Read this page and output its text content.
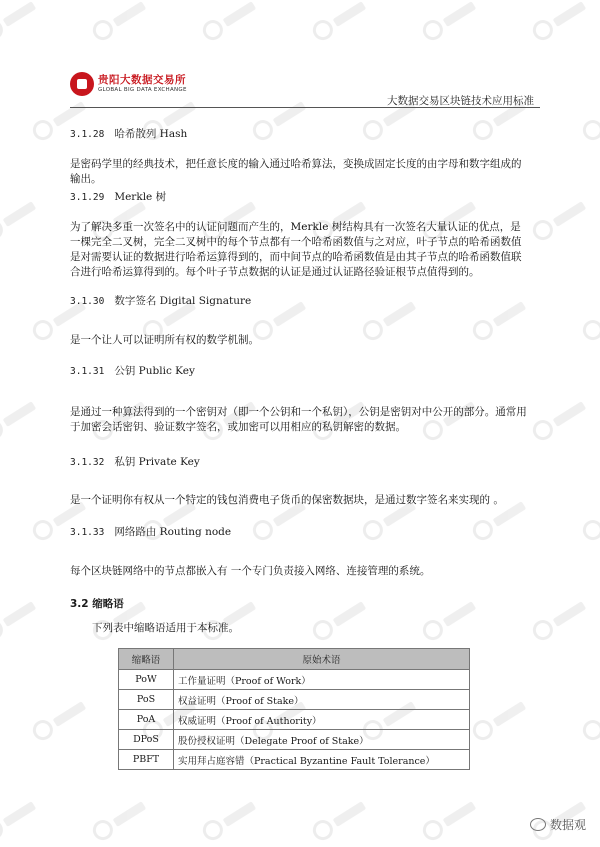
贵阳大数据交易所
GLOBAL BIG DATA EXCHANGE
大数据交易区块链技术应用标准
3.1.28 哈希散列 Hash
是密码学里的经典技术，把任意长度的输入通过哈希算法，变换成固定长度的由字母和数字组成的输出。
3.1.29 Merkle 树
为了解决多重一次签名中的认证问题而产生的，Merkle 树结构具有一次签名大量认证的优点，是一棵完全二叉树，完全二叉树中的每个节点都有一个哈希函数值与之对应，叶子节点的哈希函数值是对需要认证的数据进行哈希运算得到的，而中间节点的哈希函数值是由其子节点的哈希函数值联合进行哈希运算得到的。每个叶子节点数据的认证是通过认证路径验证根节点值得到的。
3.1.30 数字签名 Digital Signature
是一个让人可以证明所有权的数学机制。
3.1.31 公钥 Public Key
是通过一种算法得到的一个密钥对（即一个公钥和一个私钥），公钥是密钥对中公开的部分。通常用于加密会话密钥、验证数字签名，或加密可以用相应的私钥解密的数据。
3.1.32 私钥 Private Key
是一个证明你有权从一个特定的钱包消费电子货币的保密数据块，是通过数字签名来实现的 。
3.1.33 网络路由 Routing node
每个区块链网络中的节点都嵌入有 一个专门负责接入网络、连接管理的系统。
3.2 缩略语
下列表中缩略语适用于本标准。
缩略语	原始术语
PoW	工作量证明（Proof of Work）
PoS	权益证明（Proof of Stake）
PoA	权威证明（Proof of Authority）
DPoS	股份授权证明（Delegate Proof of Stake）
PBFT	实用拜占庭容错（Practical Byzantine Fault Tolerance）
数据观
